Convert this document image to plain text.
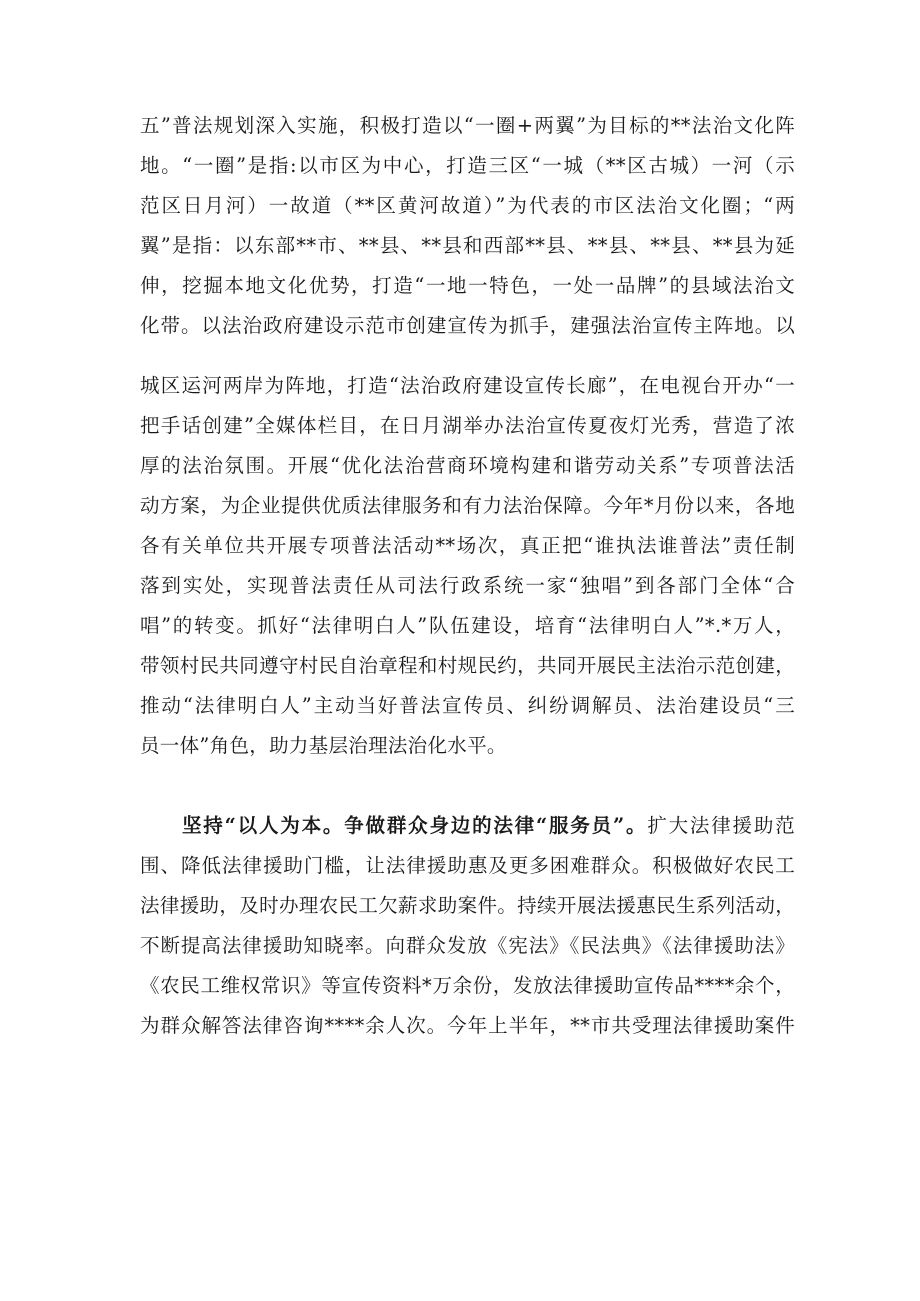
五”普法规划深入实施，积极打造以“一圈+两翼”为目标的**法治文化阵
地。“一圈”是指:以市区为中心，打造三区“一城（**区古城）一河（示
范区日月河）一故道（**区黄河故道）”为代表的市区法治文化圈；“两
翼”是指：以东部**市、**县、**县和西部**县、**县、**县、**县为延
伸，挖掘本地文化优势，打造“一地一特色，一处一品牌”的县域法治文
化带。以法治政府建设示范市创建宣传为抓手，建强法治宣传主阵地。以
城区运河两岸为阵地，打造“法治政府建设宣传长廊”，在电视台开办“一
把手话创建”全媒体栏目，在日月湖举办法治宣传夏夜灯光秀，营造了浓
厚的法治氛围。开展“优化法治营商环境构建和谐劳动关系”专项普法活
动方案，为企业提供优质法律服务和有力法治保障。今年*月份以来，各地
各有关单位共开展专项普法活动**场次，真正把“谁执法谁普法”责任制
落到实处，实现普法责任从司法行政系统一家“独唱”到各部门全体“合
唱”的转变。抓好“法律明白人”队伍建设，培育“法律明白人”*.*万人，
带领村民共同遵守村民自治章程和村规民约，共同开展民主法治示范创建，
推动“法律明白人”主动当好普法宣传员、纠纷调解员、法治建设员“三
员一体”角色，助力基层治理法治化水平。
坚持“以人为本。争做群众身边的法律“服务员”。扩大法律援助范
围、降低法律援助门槛，让法律援助惠及更多困难群众。积极做好农民工
法律援助，及时办理农民工欠薪求助案件。持续开展法援惠民生系列活动，
不断提高法律援助知晓率。向群众发放《宪法》《民法典》《法律援助法》
《农民工维权常识》等宣传资料*万余份，发放法律援助宣传品****余个，
为群众解答法律咨询****余人次。今年上半年，**市共受理法律援助案件
